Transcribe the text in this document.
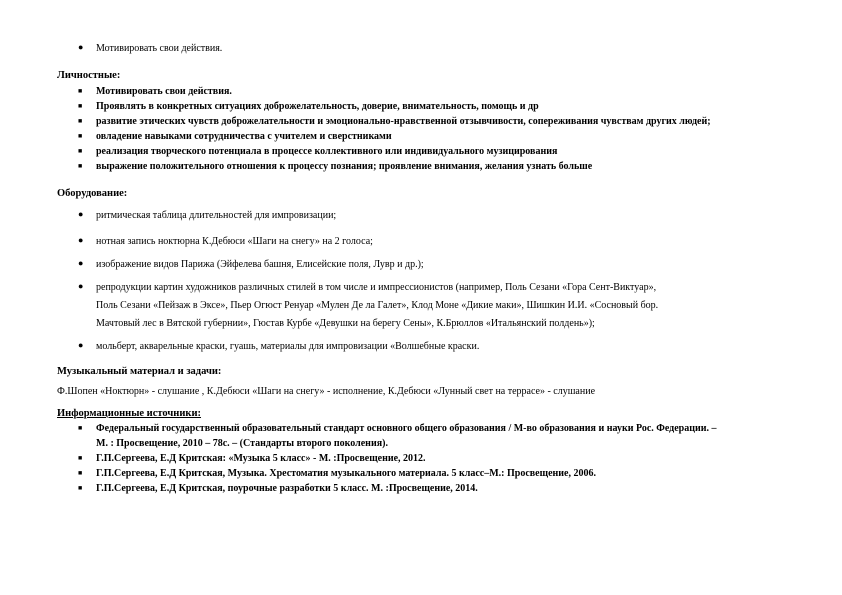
● Мотивировать свои действия.
Личностные:
■ Мотивировать свои действия.
■ Проявлять в конкретных ситуациях доброжелательность, доверие, внимательность, помощь и др
■ развитие этических чувств доброжелательности и эмоционально-нравственной отзывчивости, сопереживания чувствам других людей;
■ овладение навыками сотрудничества с учителем и сверстниками
■ реализация творческого потенциала в процессе коллективного или индивидуального музицирования
■ выражение положительного отношения к процессу познания; проявление внимания, желания узнать больше
Оборудование:
● ритмическая таблица длительностей для импровизации;
● нотная запись ноктюрна К.Дебюси «Шаги на снегу» на 2 голоса;
● изображение видов Парижа (Эйфелева башня, Елисейские поля, Лувр и др.);
● репродукции картин художников различных стилей в том числе и импрессионистов (например, Поль Сезани «Гора Сент-Виктуар»,
Поль Сезани «Пейзаж в Эксе», Пьер Огюст Ренуар «Мулен Де ла Галет», Клод Моне «Дикие маки», Шишкин И.И. «Сосновый бор.
Мачтовый лес в Вятской губернии», Гюстав Курбе «Девушки на берегу Сены», К.Брюллов «Итальянский полдень»);
● мольберт, акварельные краски, гуашь, материалы для импровизации «Волшебные краски.
Музыкальный материал и задачи:
Ф.Шопен «Ноктюрн» - слушание , К.Дебюси «Шаги на снегу» - исполнение, К.Дебюси «Лунный свет на террасе» - слушание
Информационные источники:
■ Федеральный государственный образовательный стандарт основного общего образования / М-во образования и науки Рос. Федерации. –
М. : Просвещение, 2010 – 78с. – (Стандарты второго поколения).
■ Г.П.Сергеева, Е.Д Критская: «Музыка 5 класс» - М. :Просвещение, 2012.
■ Г.П.Сергеева, Е.Д Критская, Музыка. Хрестоматия музыкального материала. 5 класс–М.: Просвещение, 2006.
■ Г.П.Сергеева, Е.Д Критская, поурочные разработки 5 класс. М. :Просвещение, 2014.
